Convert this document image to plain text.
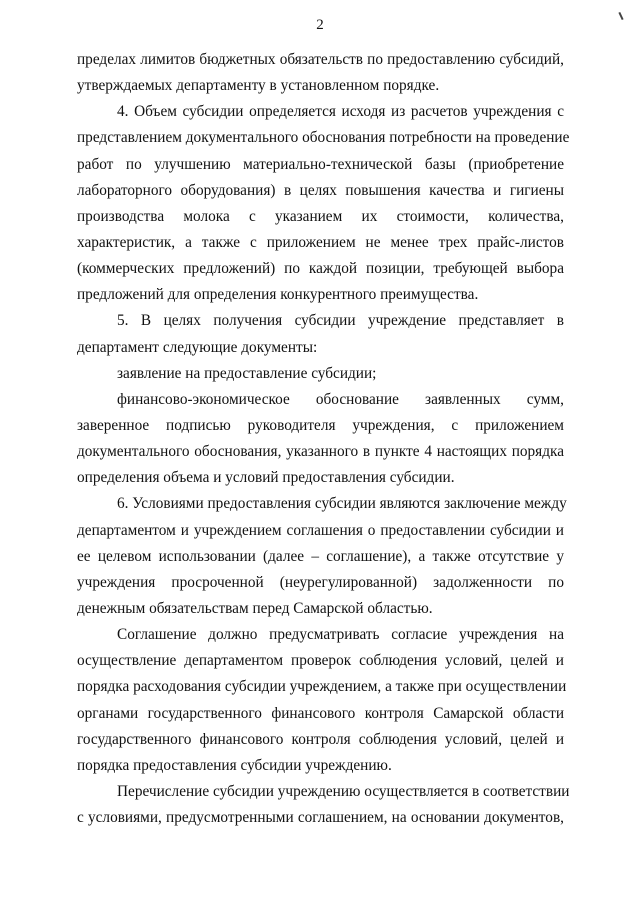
2
пределах лимитов бюджетных обязательств по предоставлению субсидий,
утверждаемых департаменту в установленном порядке.
4. Объем субсидии определяется исходя из расчетов учреждения с
представлением документального обоснования потребности на проведение
работ по улучшению материально-технической базы (приобретение
лабораторного оборудования) в целях повышения качества и гигиены
производства молока с указанием их стоимости, количества,
характеристик, а также с приложением не менее трех прайс-листов
(коммерческих предложений) по каждой позиции, требующей выбора
предложений для определения конкурентного преимущества.
5. В целях получения субсидии учреждение представляет в
департамент следующие документы:
заявление на предоставление субсидии;
финансово-экономическое обоснование заявленных сумм,
заверенное подписью руководителя учреждения, с приложением
документального обоснования, указанного в пункте 4 настоящих порядка
определения объема и условий предоставления субсидии.
6. Условиями предоставления субсидии являются заключение между
департаментом и учреждением соглашения о предоставлении субсидии и
ее целевом использовании (далее – соглашение), а также отсутствие у
учреждения просроченной (неурегулированной) задолженности по
денежным обязательствам перед Самарской областью.
Соглашение должно предусматривать согласие учреждения на
осуществление департаментом проверок соблюдения условий, целей и
порядка расходования субсидии учреждением, а также при осуществлении
органами государственного финансового контроля Самарской области
государственного финансового контроля соблюдения условий, целей и
порядка предоставления субсидии учреждению.
Перечисление субсидии учреждению осуществляется в соответствии
с условиями, предусмотренными соглашением, на основании документов,
